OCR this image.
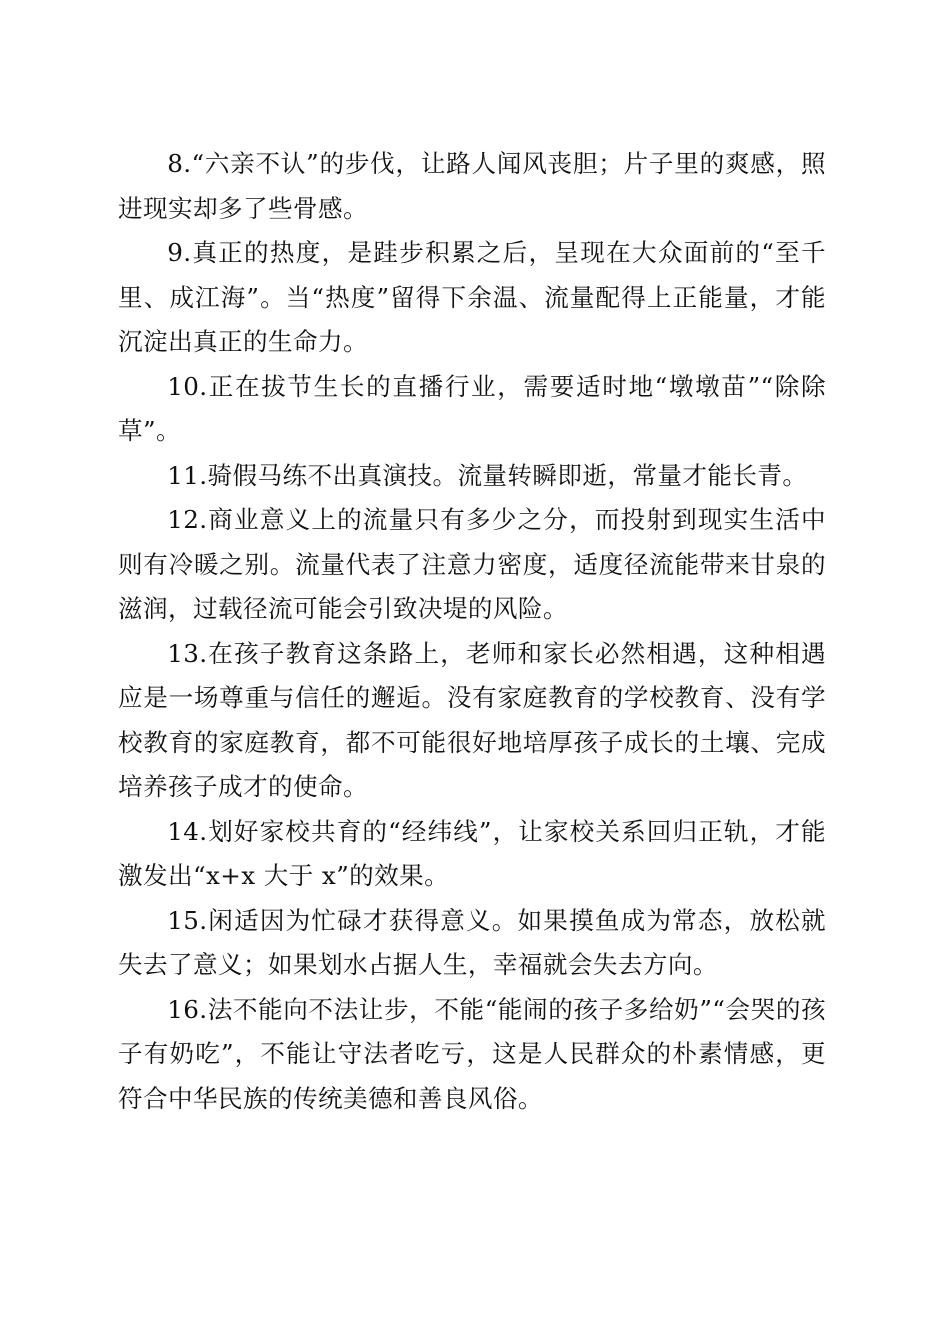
8.“六亲不认”的步伐，让路人闻风丧胆；片子里的爽感，照进现实却多了些骨感。

9.真正的热度，是跬步积累之后，呈现在大众面前的“至千里、成江海”。当“热度”留得下余温、流量配得上正能量，才能沉淀出真正的生命力。

10.正在拔节生长的直播行业，需要适时地“墩墩苗”“除除草”。

11.骑假马练不出真演技。流量转瞬即逝，常量才能长青。

12.商业意义上的流量只有多少之分，而投射到现实生活中则有冷暖之别。流量代表了注意力密度，适度径流能带来甘泉的滋润，过载径流可能会引致决堤的风险。

13.在孩子教育这条路上，老师和家长必然相遇，这种相遇应是一场尊重与信任的邂逅。没有家庭教育的学校教育、没有学校教育的家庭教育，都不可能很好地培厚孩子成长的土壤、完成培养孩子成才的使命。

14.划好家校共育的“经纬线”，让家校关系回归正轨，才能激发出“x+x 大于 x”的效果。

15.闲适因为忙碌才获得意义。如果摸鱼成为常态，放松就失去了意义；如果划水占据人生，幸福就会失去方向。

16.法不能向不法让步，不能“能闹的孩子多给奶”“会哭的孩子有奶吃”，不能让守法者吃亏，这是人民群众的朴素情感，更符合中华民族的传统美德和善良风俗。
